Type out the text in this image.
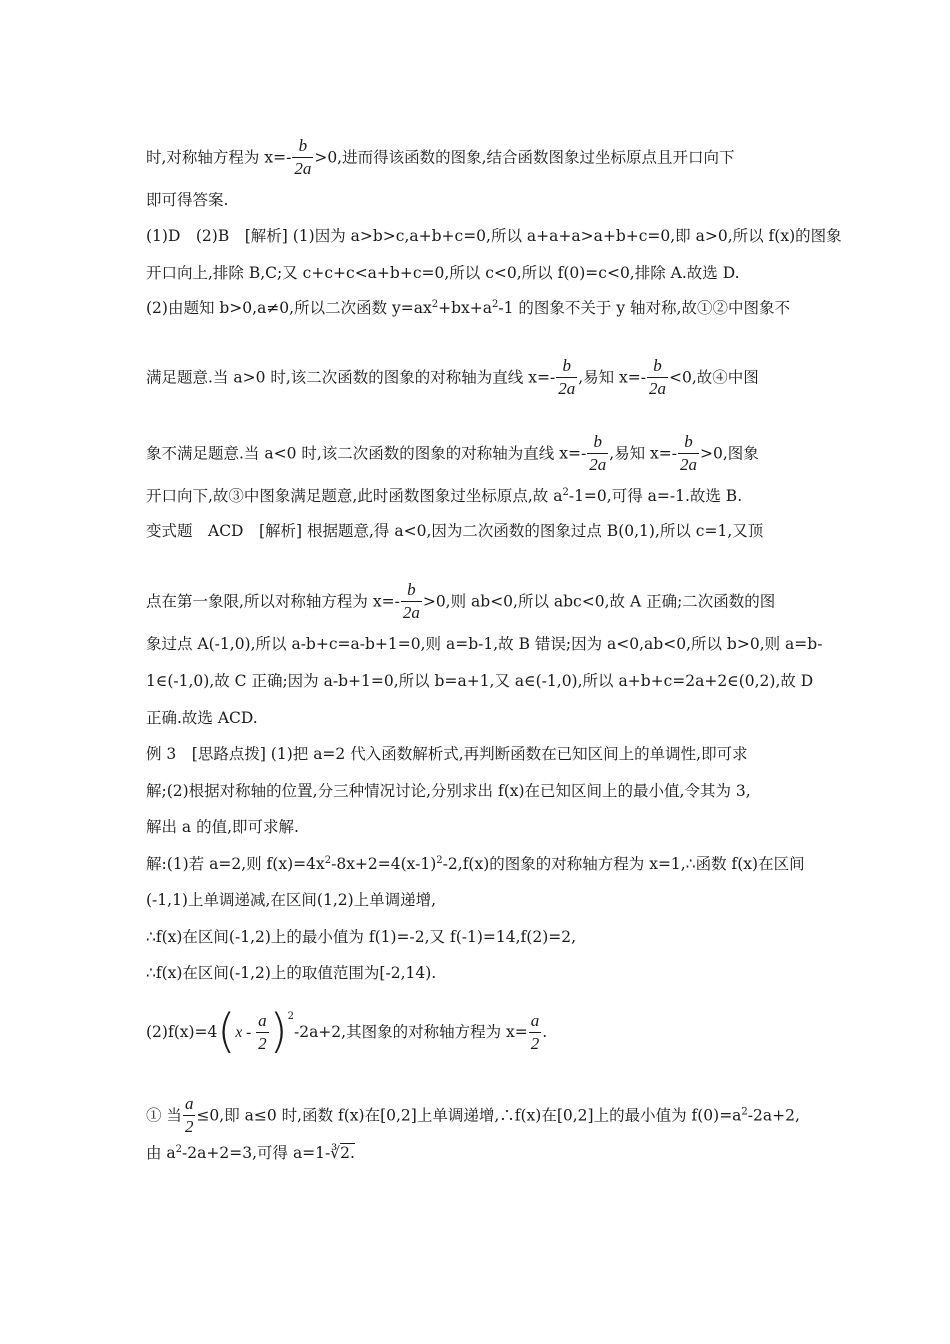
时,对称轴方程为 $x=- \frac{b}{2a} >0$,进而得该函数的图象,结合函数图象过坐标原点且开口向下
即可得答案.
(1)D　(2)B　[解析] (1)因为 a>b>c,a+b+c=0,所以 a+a+a>a+b+c=0,即 a>0,所以 f(x)的图象
开口向上,排除 B,C;又 c+c+c<a+b+c=0,所以 c<0,所以 f(0)=c<0,排除 A.故选 D.
(2)由题知 b>0,a≠0,所以二次函数 $y=ax^2+bx+a^2-1$ 的图象不关于 y 轴对称,故①②中图象不
满足题意.当 a>0 时,该二次函数的图象的对称轴为直线 $x=- \frac{b}{2a}$ ,易知 $x=- \frac{b}{2a} <0$,故④中图
象不满足题意.当 a<0 时,该二次函数的图象的对称轴为直线 $x=- \frac{b}{2a}$ ,易知 $x=- \frac{b}{2a} >0$,图象
开口向下,故③中图象满足题意,此时函数图象过坐标原点,故 $a^2-1=0$,可得 a=-1.故选 B.
变式题　ACD　[解析] 根据题意,得 a<0,因为二次函数的图象过点 B(0,1),所以 c=1,又顶
点在第一象限,所以对称轴方程为 $x=- \frac{b}{2a} >0$,则 ab<0,所以 abc<0,故 A 正确;二次函数的图
象过点 A(-1,0),所以 a-b+c=a-b+1=0,则 a=b-1,故 B 错误;因为 a<0,ab<0,所以 b>0,则 a=b-
1∈(-1,0),故 C 正确;因为 a-b+1=0,所以 b=a+1,又 a∈(-1,0),所以 a+b+c=2a+2∈(0,2),故 D
正确.故选 ACD.
例 3　[思路点拨] (1)把 a=2 代入函数解析式,再判断函数在已知区间上的单调性,即可求
解;(2)根据对称轴的位置,分三种情况讨论,分别求出 f(x)在已知区间上的最小值,令其为 3,
解出 a 的值,即可求解.
解:(1)若 a=2,则 $f(x)=4x^2-8x+2=4(x-1)^2-2,f(x)$的图象的对称轴方程为 x=1,∴函数 f(x)在区间
(-1,1)上单调递减,在区间(1,2)上单调递增,
∴f(x)在区间(-1,2)上的最小值为 f(1)=-2,又 f(-1)=14,f(2)=2,
∴f(x)在区间(-1,2)上的取值范围为[-2,14).
$(2)f(x)=4(x - \frac{a}{2} )^2-2a+2$,其图象的对称轴方程为 $x= \frac{a}{2}$ .
① 当 $\frac{a}{2} \le 0$,即 a≤0 时,函数 f(x)在[0,2]上单调递增,∴f(x)在[0,2]上的最小值为 $f(0)=a^2-2a+2$,
由 $a^2-2a+2=3$,可得 a=1-∛2.
